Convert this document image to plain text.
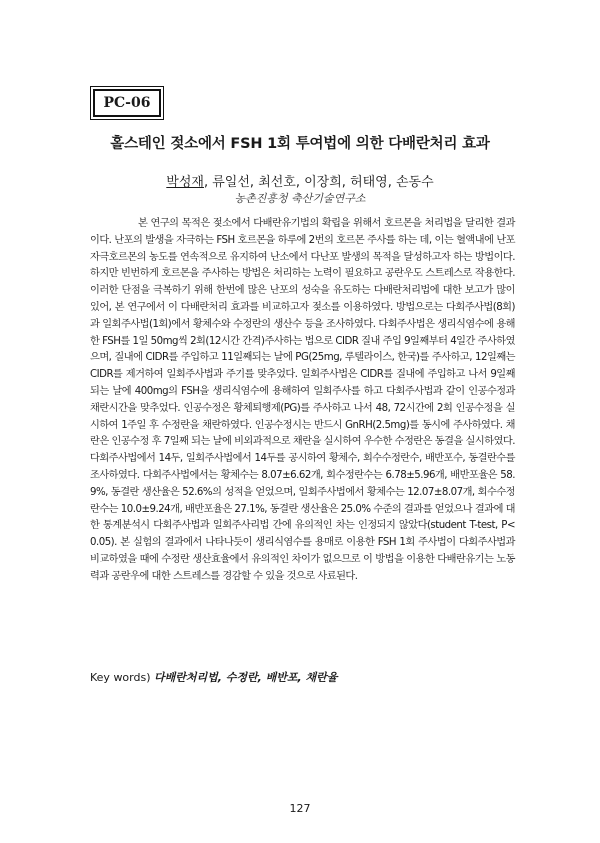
PC-06
홀스테인 젖소에서 FSH 1회 투여법에 의한 다배란처리 효과
박성재, 류일선, 최선호, 이장희, 허태영, 손동수
농촌진흥청 축산기술연구소

본 연구의 목적은 젖소에서 다배란유기법의 확립을 위해서 호르몬을 처리법을 달리한 결과이다. 난포의 발생을 자극하는 FSH 호르몬을 하루에 2번의 호르몬 주사를 하는 데, 이는 혈액내에 난포자극호르몬의 농도를 연속적으로 유지하여 난소에서 다난포 발생의 목적을 달성하고자 하는 방법이다. 하지만 빈번하게 호르몬을 주사하는 방법은 처리하는 노력이 필요하고 공란우도 스트레스로 작용한다. 이러한 단점을 극복하기 위해 한번에 많은 난포의 성숙을 유도하는 다배란처리법에 대한 보고가 많이 있어, 본 연구에서 이 다배란처리 효과를 비교하고자 젖소를 이용하였다. 방법으로는 다회주사법(8회)과 일회주사법(1회)에서 황체수와 수정란의 생산수 등을 조사하였다. 다회주사법은 생리식염수에 용해한 FSH를 1일 50mg씩 2회(12시간 간격)주사하는 법으로 CIDR 질내 주입 9일째부터 4일간 주사하였으며, 질내에 CIDR를 주입하고 11일째되는 날에 PG(25mg, 루텔라이스, 한국)를 주사하고, 12일째는 CIDR를 제거하여 일회주사법과 주기를 맞추었다. 일회주사법은 CIDR를 질내에 주입하고 나서 9일째 되는 날에 400mg의 FSH을 생리식염수에 용해하여 일회주사를 하고 다회주사법과 같이 인공수정과 채란시간을 맞추었다. 인공수정은 황체퇴행제(PG)를 주사하고 나서 48, 72시간에 2회 인공수정을 실시하여 1주일 후 수정란을 채란하였다. 인공수정시는 반드시 GnRH(2.5mg)를 동시에 주사하였다. 채란은 인공수정 후 7일째 되는 날에 비외과적으로 채란을 실시하여 우수한 수정란은 동결을 실시하였다. 다회주사법에서 14두, 일회주사법에서 14두를 공시하여 황체수, 회수수정란수, 배반포수, 동결란수를 조사하였다. 다회주사법에서는 황체수는 8.07±6.62개, 회수정란수는 6.78±5.96개, 배반포율은 58.9%, 동결란 생산율은 52.6%의 성적을 얻었으며, 일회주사법에서 황체수는 12.07±8.07개, 회수수정란수는 10.0±9.24개, 배반포율은 27.1%, 동결란 생산율은 25.0% 수준의 결과를 얻었으나 결과에 대한 통계분석시 다회주사법과 일회주사리법 간에 유의적인 차는 인정되지 않았다(student T-test, P<0.05). 본 실험의 결과에서 나타나듯이 생리식염수를 용매로 이용한 FSH 1회 주사법이 다회주사법과 비교하였을 때에 수정란 생산효율에서 유의적인 차이가 없으므로 이 방법을 이용한 다배란유기는 노동력과 공란우에 대한 스트레스를 경감할 수 있을 것으로 사료된다.

Key words) 다배란처리법, 수정란, 배반포, 채란율
127
